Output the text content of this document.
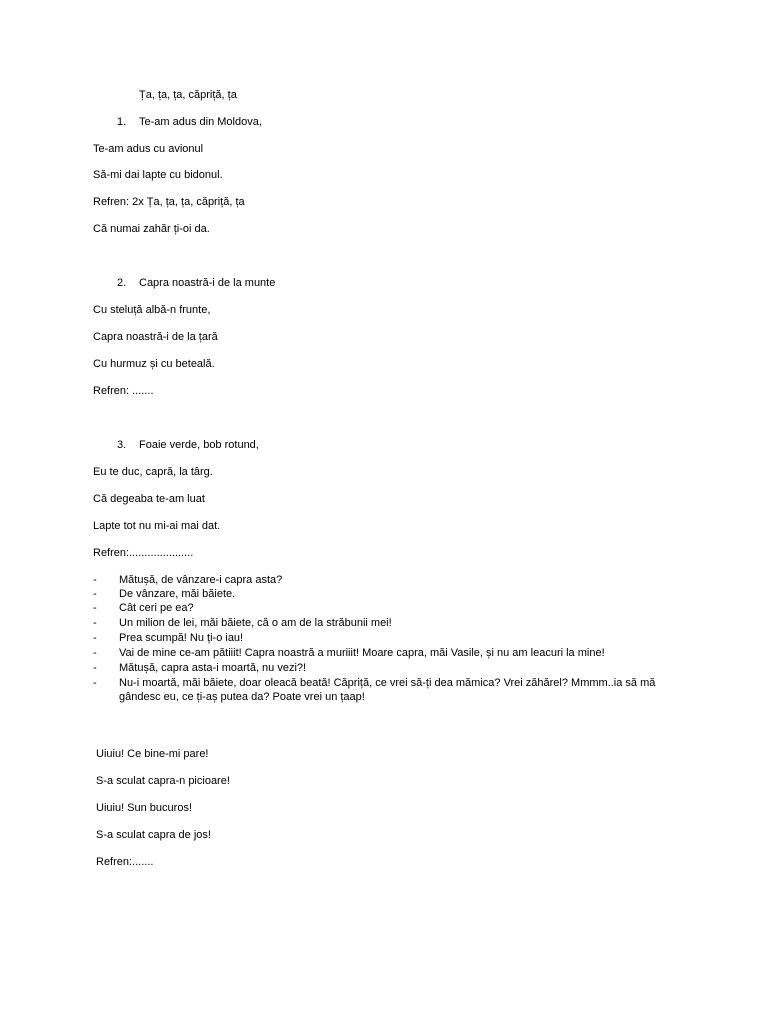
Ța, ța, ța, căpriță, ța
1. Te-am adus din Moldova,
Te-am adus cu avionul
Să-mi dai lapte cu bidonul.
Refren: 2x Ța, ța, ța, căpriță, ța
Că numai zahăr ți-oi da.
2. Capra noastră-i de la munte
Cu steluță albă-n frunte,
Capra noastră-i de la țară
Cu hurmuz și cu beteală.
Refren: .......
3. Foaie verde, bob rotund,
Eu te duc, capră, la târg.
Că degeaba te-am luat
Lapte tot nu mi-ai mai dat.
Refren:.....................
- Mătușă, de vânzare-i capra asta?
- De vânzare, măi băiete.
- Cât ceri pe ea?
- Un milion de lei, măi băiete, că o am de la străbunii mei!
- Prea scumpă! Nu ți-o iau!
- Vai de mine ce-am pătiiit! Capra noastră a muriiit! Moare capra, măi Vasile, și nu am leacuri la mine!
- Mătușă, capra asta-i moartă, nu vezi?!
- Nu-i moartă, măi băiete, doar oleacă beată! Căpriță, ce vrei să-ți dea mămica? Vrei zăhărel? Mmmm..ia să mă gândesc eu, ce ți-aș putea da? Poate vrei un țaap!
Uiuiu! Ce bine-mi pare!
S-a sculat capra-n picioare!
Uiuiu! Sun bucuros!
S-a sculat capra de jos!
Refren:.......
